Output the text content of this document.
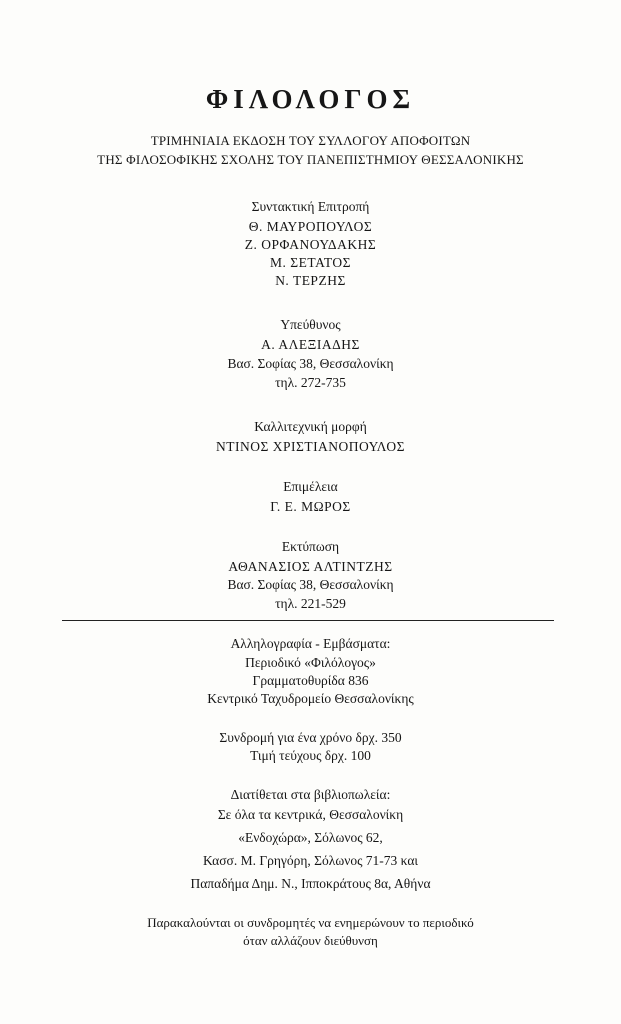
ΦΙΛΟΛΟΓΟΣ
ΤΡΙΜΗΝΙΑΙΑ ΕΚΔΟΣΗ ΤΟΥ ΣΥΛΛΟΓΟΥ ΑΠΟΦΟΙΤΩΝ
ΤΗΣ ΦΙΛΟΣΟΦΙΚΗΣ ΣΧΟΛΗΣ ΤΟΥ ΠΑΝΕΠΙΣΤΗΜΙΟΥ ΘΕΣΣΑΛΟΝΙΚΗΣ
Συντακτική Επιτροπή
Θ. ΜΑΥΡΟΠΟΥΛΟΣ
Ζ. ΟΡΦΑΝΟΥΔΑΚΗΣ
Μ. ΣΕΤΑΤΟΣ
Ν. ΤΕΡΖΗΣ
Υπεύθυνος
Α. ΑΛΕΞΙΑΔΗΣ
Βασ. Σοφίας 38, Θεσσαλονίκη
τηλ. 272-735
Καλλιτεχνική μορφή
ΝΤΙΝΟΣ ΧΡΙΣΤΙΑΝΟΠΟΥΛΟΣ
Επιμέλεια
Γ. Ε. ΜΩΡΟΣ
Εκτύπωση
ΑΘΑΝΑΣΙΟΣ ΑΛΤΙΝΤΖΗΣ
Βασ. Σοφίας 38, Θεσσαλονίκη
τηλ. 221-529
Αλληλογραφία - Εμβάσματα:
Περιοδικό «Φιλόλογος»
Γραμματοθυρίδα 836
Κεντρικό Ταχυδρομείο Θεσσαλονίκης
Συνδρομή για ένα χρόνο δρχ. 350
Τιμή τεύχους δρχ. 100
Διατίθεται στα βιβλιοπωλεία:
Σε όλα τα κεντρικά, Θεσσαλονίκη
«Ενδοχώρα», Σόλωνος 62,
Κασσ. Μ. Γρηγόρη, Σόλωνος 71-73 και
Παπαδήμα Δημ. Ν., Ιπποκράτους 8α, Αθήνα
Παρακαλούνται οι συνδρομητές να ενημερώνουν το περιοδικό
όταν αλλάζουν διεύθυνση
